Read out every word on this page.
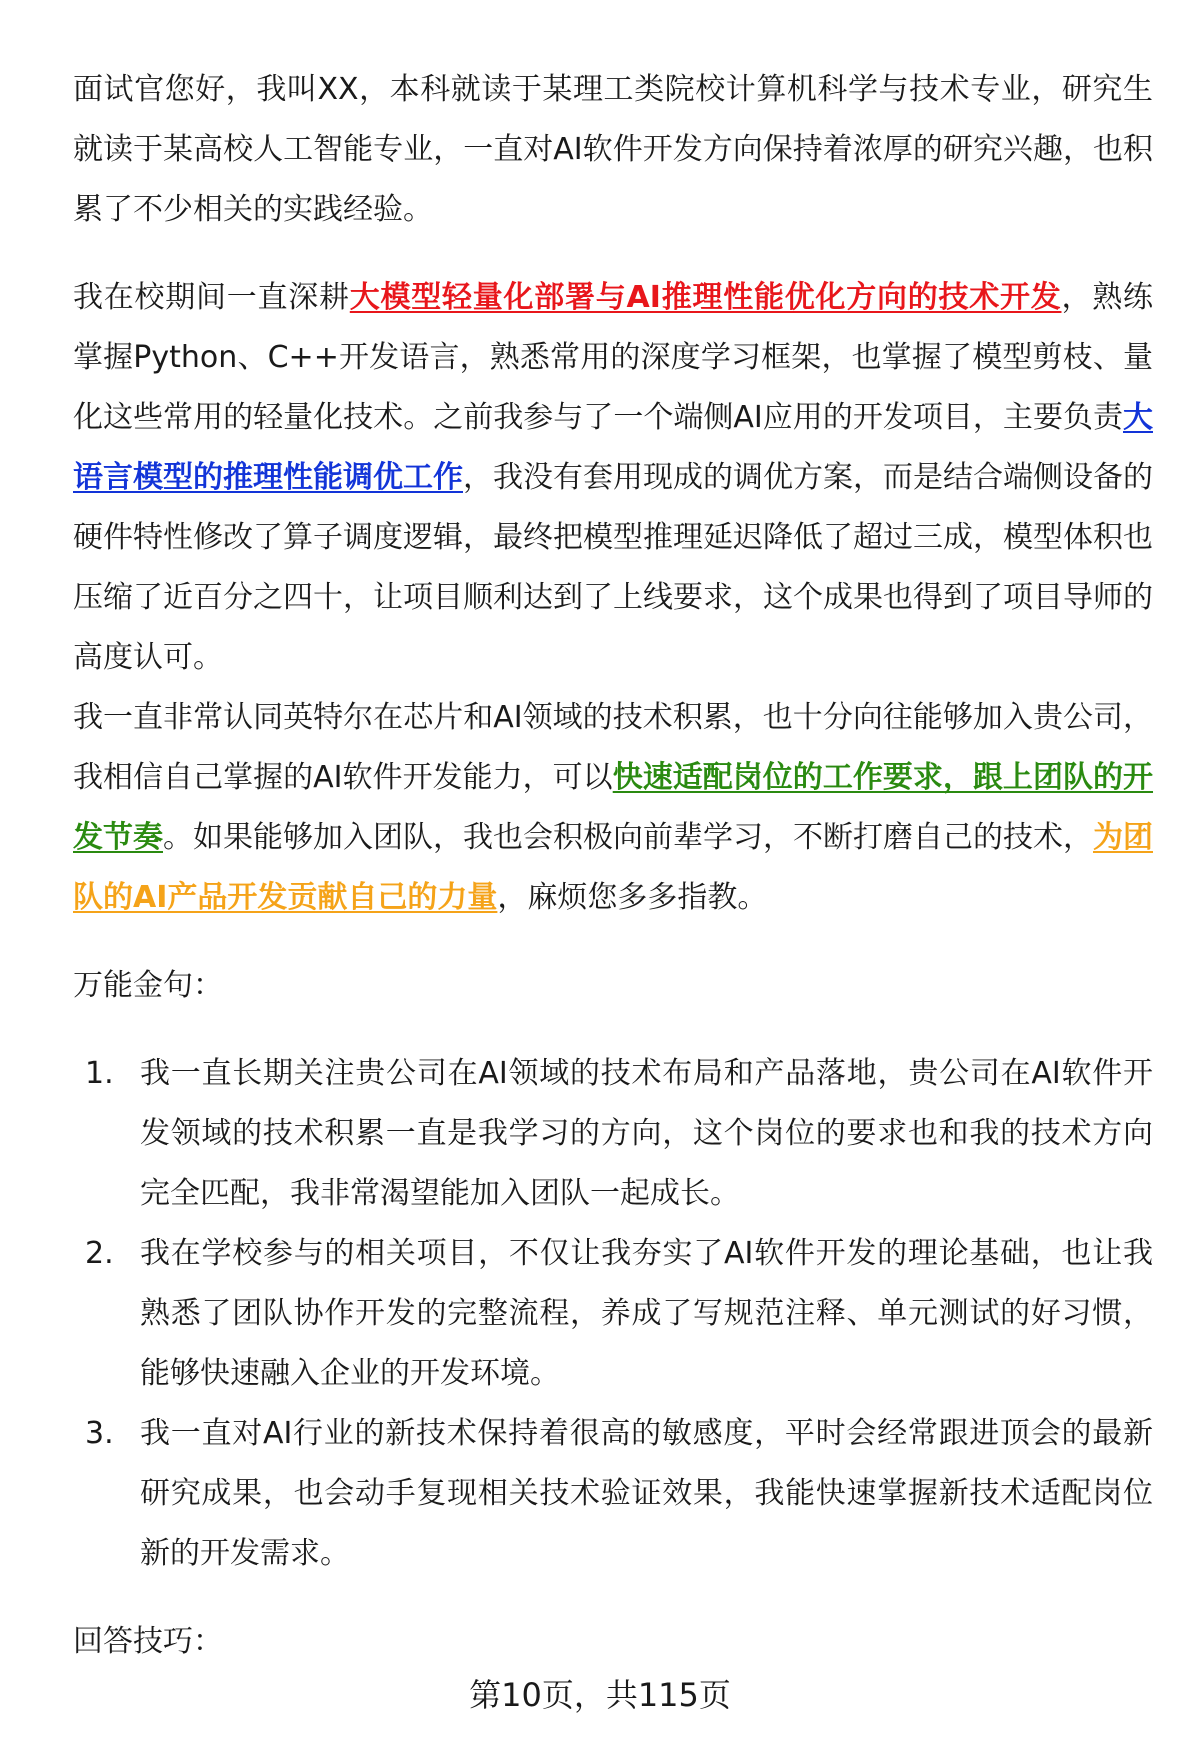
面试官您好，我叫XX，本科就读于某理工类院校计算机科学与技术专业，研究生就读于某高校人工智能专业，一直对AI软件开发方向保持着浓厚的研究兴趣，也积累了不少相关的实践经验。

我在校期间一直深耕大模型轻量化部署与AI推理性能优化方向的技术开发，熟练掌握Python、C++开发语言，熟悉常用的深度学习框架，也掌握了模型剪枝、量化这些常用的轻量化技术。之前我参与了一个端侧AI应用的开发项目，主要负责大语言模型的推理性能调优工作，我没有套用现成的调优方案，而是结合端侧设备的硬件特性修改了算子调度逻辑，最终把模型推理延迟降低了超过三成，模型体积也压缩了近百分之四十，让项目顺利达到了上线要求，这个成果也得到了项目导师的高度认可。

我一直非常认同英特尔在芯片和AI领域的技术积累，也十分向往能够加入贵公司，我相信自己掌握的AI软件开发能力，可以快速适配岗位的工作要求，跟上团队的开发节奏。如果能够加入团队，我也会积极向前辈学习，不断打磨自己的技术，为团队的AI产品开发贡献自己的力量，麻烦您多多指教。

万能金句：

1. 我一直长期关注贵公司在AI领域的技术布局和产品落地，贵公司在AI软件开发领域的技术积累一直是我学习的方向，这个岗位的要求也和我的技术方向完全匹配，我非常渴望能加入团队一起成长。
2. 我在学校参与的相关项目，不仅让我夯实了AI软件开发的理论基础，也让我熟悉了团队协作开发的完整流程，养成了写规范注释、单元测试的好习惯，能够快速融入企业的开发环境。
3. 我一直对AI行业的新技术保持着很高的敏感度，平时会经常跟进顶会的最新研究成果，也会动手复现相关技术验证效果，我能快速掌握新技术适配岗位新的开发需求。

回答技巧：

第10页，共115页
